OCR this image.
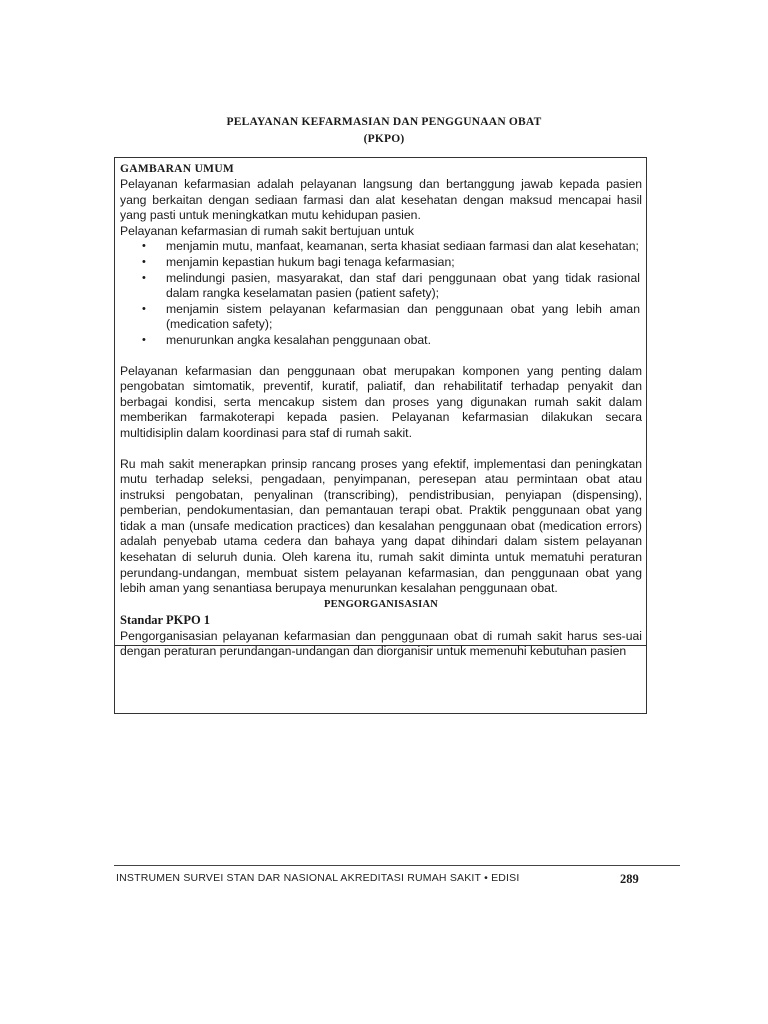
PELAYANAN KEFARMASIAN DAN PENGGUNAAN OBAT
(PKPO)
GAMBARAN UMUM

Pelayanan kefarmasian adalah pelayanan langsung dan bertanggung jawab kepada pasien yang berkaitan dengan sediaan farmasi dan alat kesehatan dengan maksud mencapai hasil yang pasti untuk meningkatkan mutu kehidupan pasien.

Pelayanan kefarmasian di rumah sakit bertujuan untuk

• menjamin mutu, manfaat, keamanan, serta khasiat sediaan farmasi dan alat kesehatan;
• menjamin kepastian hukum bagi tenaga kefarmasian;
• melindungi pasien, masyarakat, dan staf dari penggunaan obat yang tidak rasional dalam rangka keselamatan pasien (patient safety);
• menjamin sistem pelayanan kefarmasian dan penggunaan obat yang lebih aman (medication safety);
• menurunkan angka kesalahan penggunaan obat.

Pelayanan kefarmasian dan penggunaan obat merupakan komponen yang penting dalam pengobatan simtomatik, preventif, kuratif, paliatif, dan rehabilitatif terhadap penyakit dan berbagai kondisi, serta mencakup sistem dan proses yang digunakan rumah sakit dalam memberikan farmakoterapi kepada pasien. Pelayanan kefarmasian dilakukan secara multidisiplin dalam koordinasi para staf di rumah sakit.

Ru mah sakit menerapkan prinsip rancang proses yang efektif, implementasi dan peningkatan mutu terhadap seleksi, pengadaan, penyimpanan, peresepan atau permintaan obat atau instruksi pengobatan, penyalinan (transcribing), pendistribusian, penyiapan (dispensing), pemberian, pendokumentasian, dan pemantauan terapi obat. Praktik penggunaan obat yang tidak a man (unsafe medication practices) dan kesalahan penggunaan obat (medication errors) adalah penyebab utama cedera dan bahaya yang dapat dihindari dalam sistem pelayanan kesehatan di seluruh dunia. Oleh karena itu, rumah sakit diminta untuk mematuhi peraturan perundang-undangan, membuat sistem pelayanan kefarmasian, dan penggunaan obat yang lebih aman yang senantiasa berupaya menurunkan kesalahan penggunaan obat.

PENGORGANISASIAN
Standar PKPO 1

Pengorganisasian pelayanan kefarmasian dan penggunaan obat di rumah sakit harus ses-uai dengan peraturan perundangan-undangan dan diorganisir untuk memenuhi kebutuhan pasien

INSTRUMEN SURVEI STAN DAR NASIONAL AKREDITASI RUMAH SAKIT • EDISI	289
